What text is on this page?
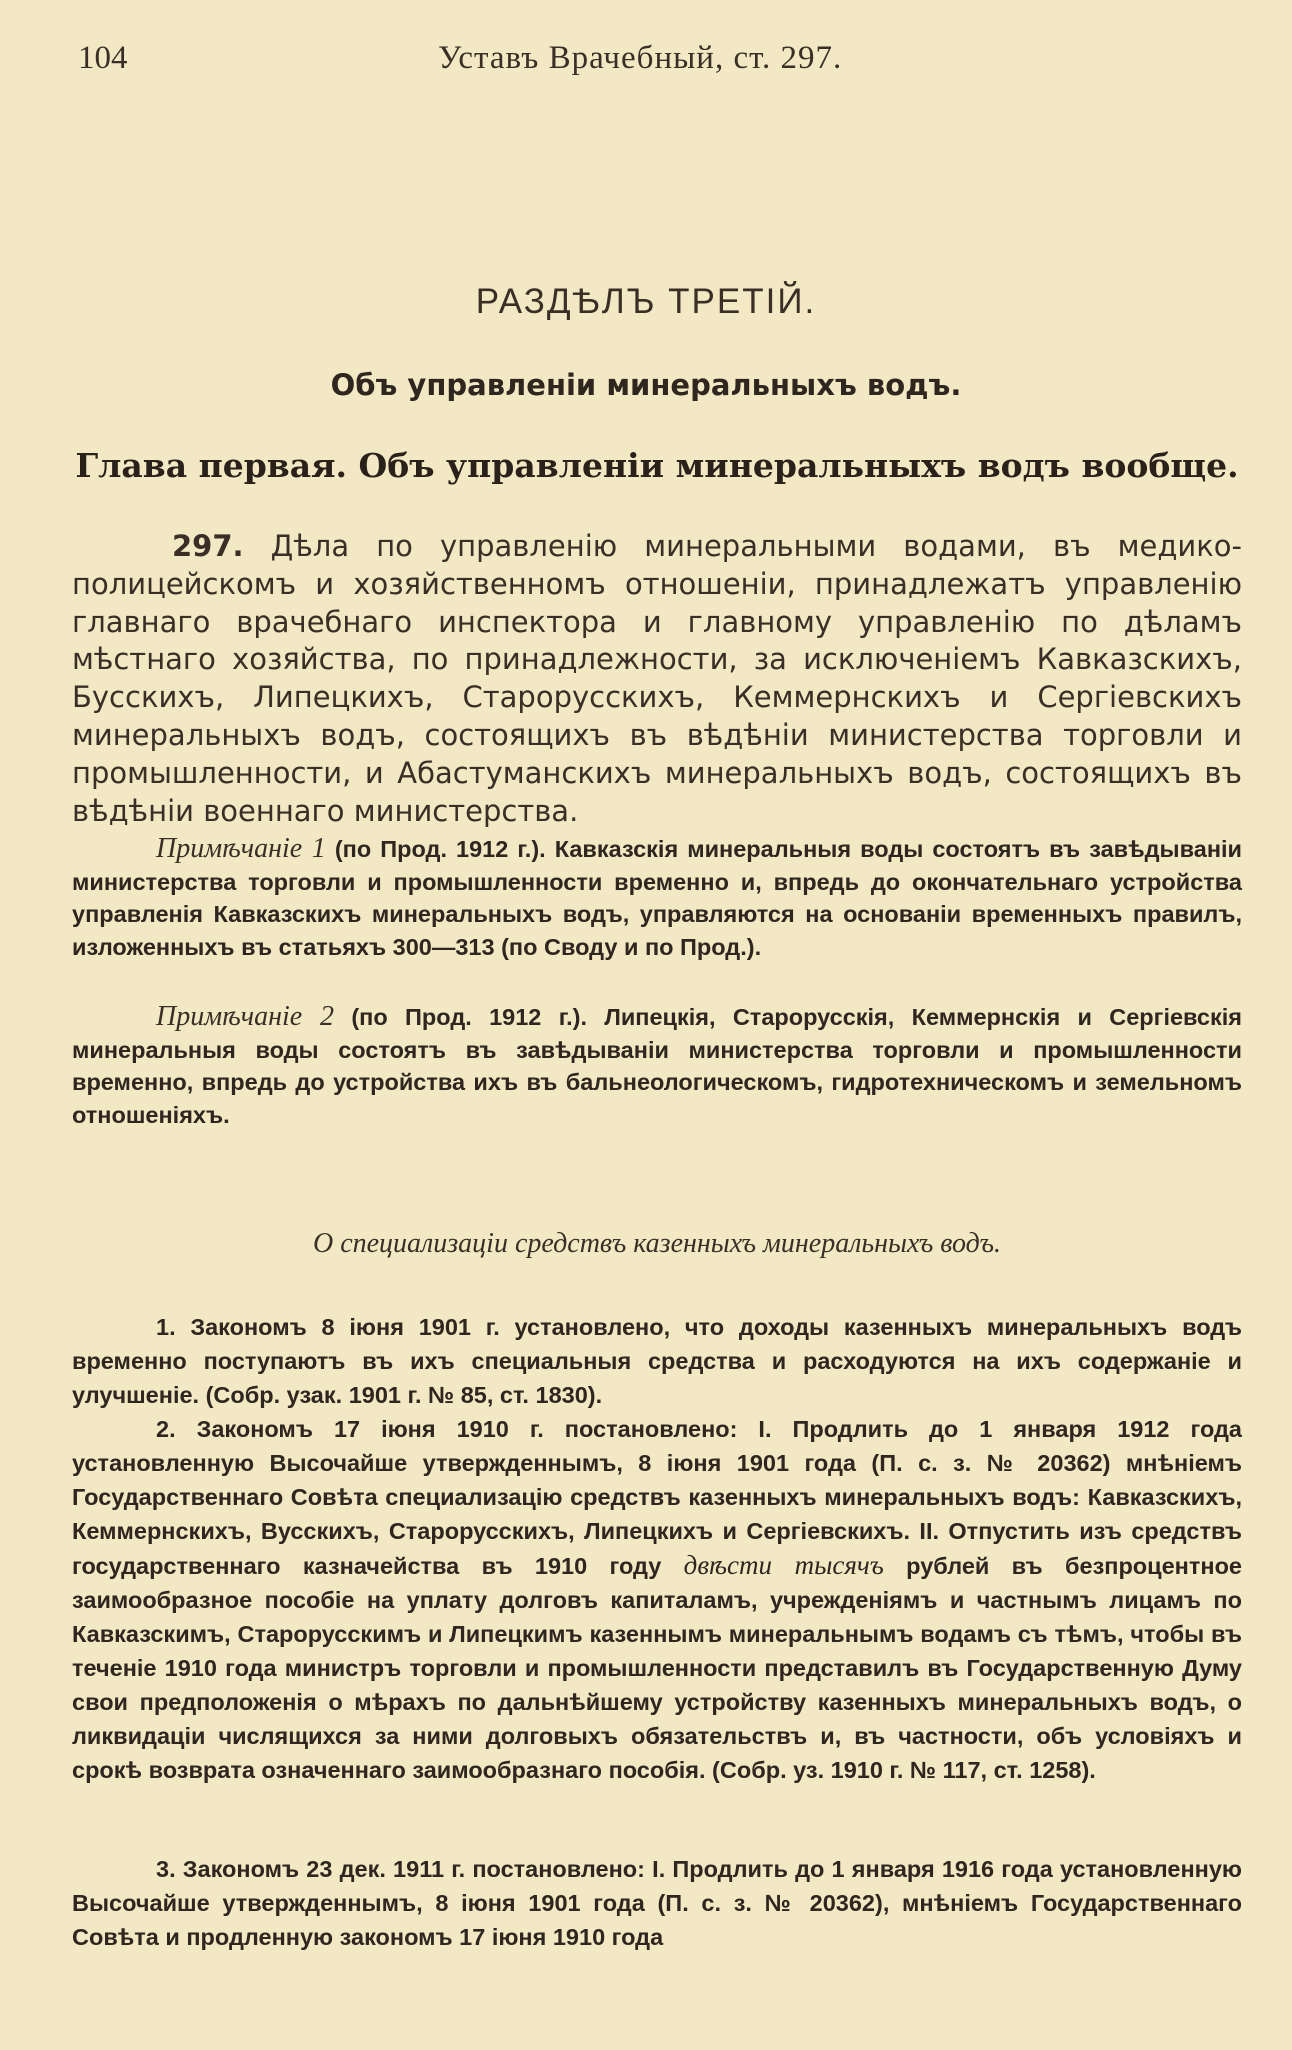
104	Уставъ Врачебный, ст. 297.
РАЗДѢЛЪ ТРЕТIЙ.
Объ управленiи минеральныхъ водъ.
Глава первая. Объ управленiи минеральныхъ водъ вообще.
297. Дѣла по управленiю минеральными водами, въ медико-полицейскомъ и хозяйственномъ отношенiи, принадлежатъ управленiю главнаго врачебнаго инспектора и главному управленiю по дѣламъ мѣстнаго хозяйства, по принадлежности, за исключенiемъ Кавказскихъ, Бусскихъ, Липецкихъ, Старорусскихъ, Кеммернскихъ и Сергiевскихъ минеральныхъ водъ, состоящихъ въ вѣдѣнiи министерства торговли и промышленности, и Абастуманскихъ минеральныхъ водъ, состоящихъ въ вѣдѣнiи военнаго министерства.
Примѣчанiе 1 (по Прод. 1912 г.). Кавказскiя минеральныя воды состоятъ въ завѣдыванiи министерства торговли и промышленности временно и, впредь до окончательнаго устройства управленiя Кавказскихъ минеральныхъ водъ, управляются на основанiи временныхъ правилъ, изложенныхъ въ статьяхъ 300—313 (по Своду и по Прод.).
Примѣчанiе 2 (по Прод. 1912 г.). Липецкiя, Старорусскiя, Кеммернскiя и Сергiевскiя минеральныя воды состоятъ въ завѣдыванiи министерства торговли и промышленности временно, впредь до устройства ихъ въ бальнеологическомъ, гидротехническомъ и земельномъ отношенiяхъ.
О специализацiи средствъ казенныхъ минеральныхъ водъ.
1. Закономъ 8 iюня 1901 г. установлено, что доходы казенныхъ минеральныхъ водъ временно поступаютъ въ ихъ специальныя средства и расходуются на ихъ содержанiе и улучшенiе. (Собр. узак. 1901 г. № 85, ст. 1830).
2. Закономъ 17 iюня 1910 г. постановлено: I. Продлить до 1 января 1912 года установленную Высочайше утвержденнымъ, 8 iюня 1901 года (П. с. з. № 20362) мнѣнiемъ Государственнаго Совѣта специализацiю средствъ казенныхъ минеральныхъ водъ: Кавказскихъ, Кеммернскихъ, Вусскихъ, Старорусскихъ, Липецкихъ и Сергiевскихъ. II. Отпустить изъ средствъ государственнаго казначейства въ 1910 году двѣсти тысячъ рублей въ безпроцентное заимообразное пособiе на уплату долговъ капиталамъ, учрежденiямъ и частнымъ лицамъ по Кавказскимъ, Старорусскимъ и Липецкимъ казеннымъ минеральнымъ водамъ съ тѣмъ, чтобы въ теченiе 1910 года министръ торговли и промышленности представилъ въ Государственную Думу свои предположенiя о мѣрахъ по дальнѣйшему устройству казенныхъ минеральныхъ водъ, о ликвидацiи числящихся за ними долговыхъ обязательствъ и, въ частности, объ условiяхъ и срокѣ возврата означеннаго заимообразнаго пособiя. (Собр. уз. 1910 г. № 117, ст. 1258).
3. Закономъ 23 дек. 1911 г. постановлено: I. Продлить до 1 января 1916 года установленную Высочайше утвержденнымъ, 8 iюня 1901 года (П. с. з. № 20362), мнѣнiемъ Государственнаго Совѣта и продленную закономъ 17 iюня 1910 года
